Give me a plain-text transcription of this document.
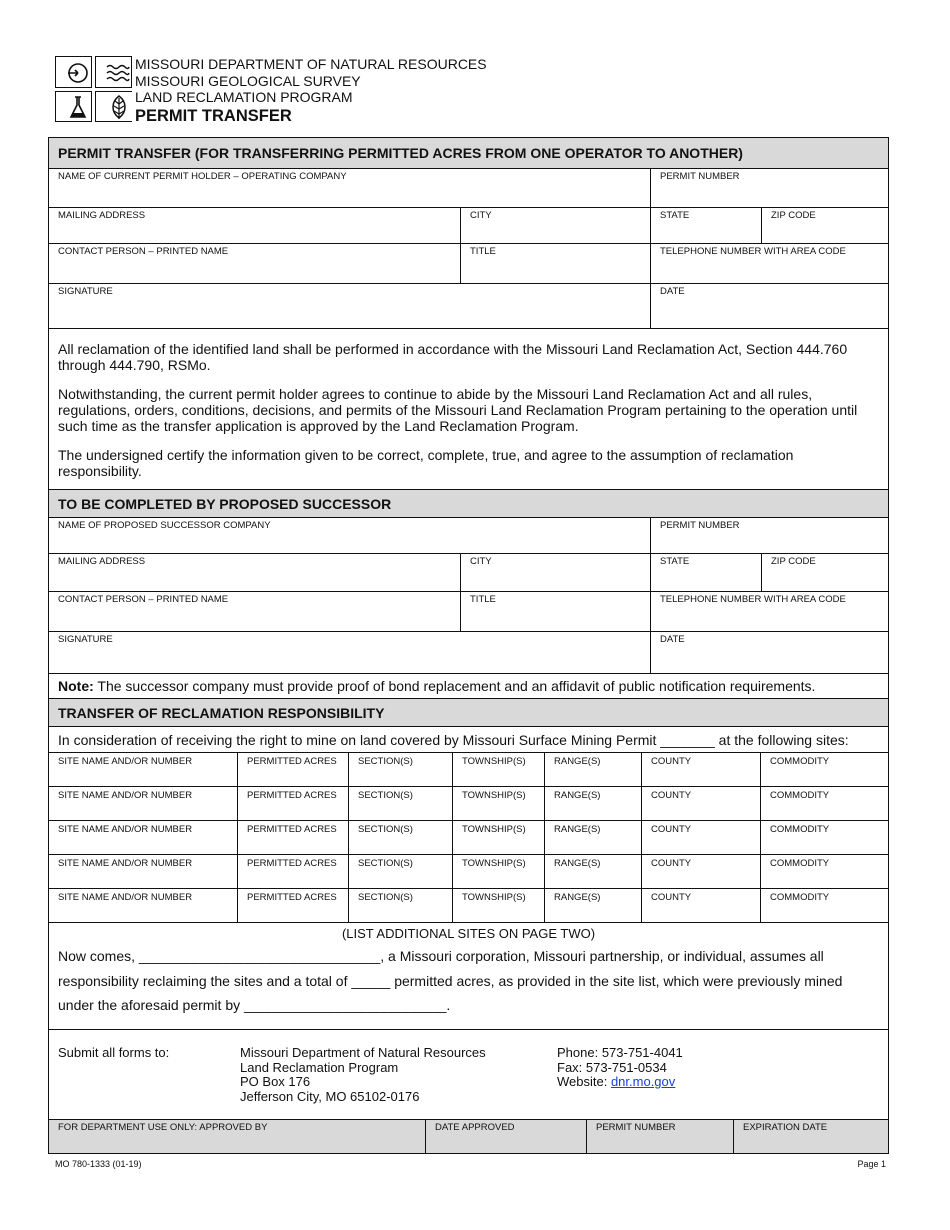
MISSOURI DEPARTMENT OF NATURAL RESOURCES
MISSOURI GEOLOGICAL SURVEY
LAND RECLAMATION PROGRAM
PERMIT TRANSFER
PERMIT TRANSFER (FOR TRANSFERRING PERMITTED ACRES FROM ONE OPERATOR TO ANOTHER)
NAME OF CURRENT PERMIT HOLDER – OPERATING COMPANY	PERMIT NUMBER
MAILING ADDRESS	CITY	STATE	ZIP CODE
CONTACT PERSON – PRINTED NAME	TITLE	TELEPHONE NUMBER WITH AREA CODE
SIGNATURE	DATE

All reclamation of the identified land shall be performed in accordance with the Missouri Land Reclamation Act, Section 444.760 through 444.790, RSMo.

Notwithstanding, the current permit holder agrees to continue to abide by the Missouri Land Reclamation Act and all rules, regulations, orders, conditions, decisions, and permits of the Missouri Land Reclamation Program pertaining to the operation until such time as the transfer application is approved by the Land Reclamation Program.

The undersigned certify the information given to be correct, complete, true, and agree to the assumption of reclamation responsibility.

TO BE COMPLETED BY PROPOSED SUCCESSOR
NAME OF PROPOSED SUCCESSOR COMPANY	PERMIT NUMBER
MAILING ADDRESS	CITY	STATE	ZIP CODE
CONTACT PERSON – PRINTED NAME	TITLE	TELEPHONE NUMBER WITH AREA CODE
SIGNATURE	DATE
Note: The successor company must provide proof of bond replacement and an affidavit of public notification requirements.
TRANSFER OF RECLAMATION RESPONSIBILITY
In consideration of receiving the right to mine on land covered by Missouri Surface Mining Permit _______ at the following sites:
SITE NAME AND/OR NUMBER	PERMITTED ACRES	SECTION(S)	TOWNSHIP(S)	RANGE(S)	COUNTY	COMMODITY
SITE NAME AND/OR NUMBER	PERMITTED ACRES	SECTION(S)	TOWNSHIP(S)	RANGE(S)	COUNTY	COMMODITY
SITE NAME AND/OR NUMBER	PERMITTED ACRES	SECTION(S)	TOWNSHIP(S)	RANGE(S)	COUNTY	COMMODITY
SITE NAME AND/OR NUMBER	PERMITTED ACRES	SECTION(S)	TOWNSHIP(S)	RANGE(S)	COUNTY	COMMODITY
SITE NAME AND/OR NUMBER	PERMITTED ACRES	SECTION(S)	TOWNSHIP(S)	RANGE(S)	COUNTY	COMMODITY
(LIST ADDITIONAL SITES ON PAGE TWO)

Now comes, _______________________________, a Missouri corporation, Missouri partnership, or individual, assumes all

responsibility reclaiming the sites and a total of _____ permitted acres, as provided in the site list, which were previously mined

under the aforesaid permit by __________________________.

Submit all forms to:	Missouri Department of Natural Resources
Land Reclamation Program
PO Box 176
Jefferson City, MO 65102-0176
Phone: 573-751-4041
Fax: 573-751-0534
Website: dnr.mo.gov
FOR DEPARTMENT USE ONLY: APPROVED BY	DATE APPROVED	PERMIT NUMBER	EXPIRATION DATE
MO 780-1333 (01-19)	Page 1
